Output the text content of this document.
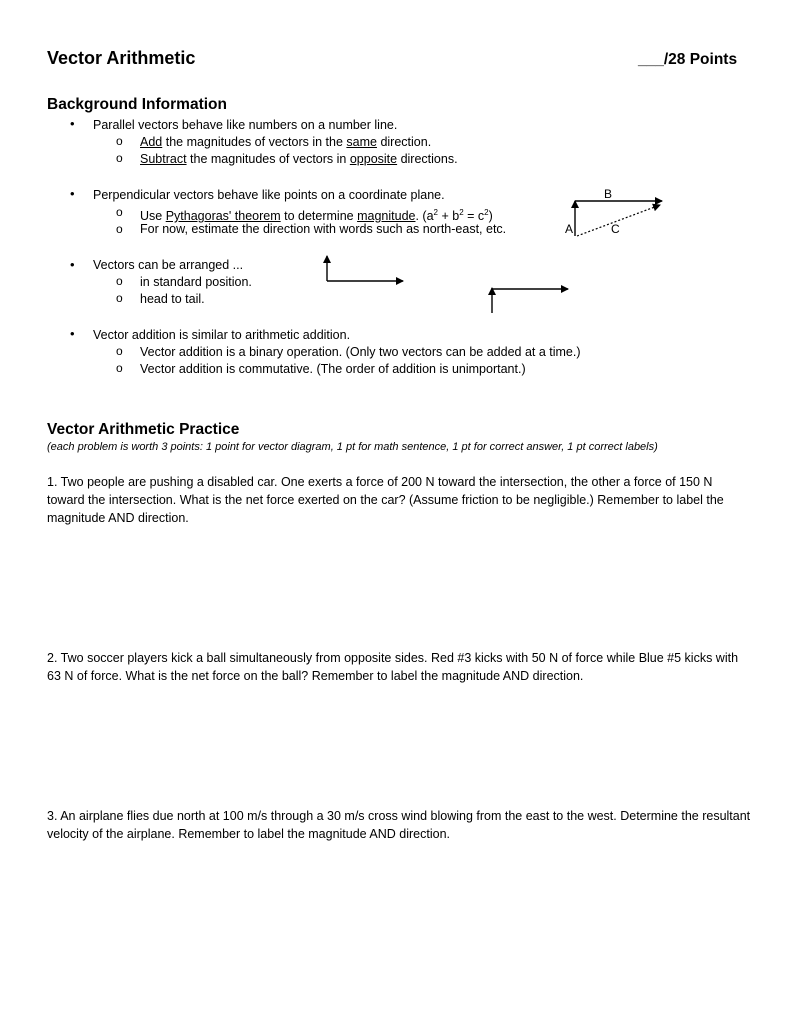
Vector Arithmetic	___/28 Points
Background Information
• Parallel vectors behave like numbers on a number line.
o Add the magnitudes of vectors in the same direction.
o Subtract the magnitudes of vectors in opposite directions.
• Perpendicular vectors behave like points on a coordinate plane.
o Use Pythagoras' theorem to determine magnitude. $(a^2 + b^2 = c^2)$
o For now, estimate the direction with words such as north-east, etc.
B
A	C
• Vectors can be arranged ...
o in standard position.
o head to tail.
• Vector addition is similar to arithmetic addition.
o Vector addition is a binary operation. (Only two vectors can be added at a time.)
o Vector addition is commutative. (The order of addition is unimportant.)
Vector Arithmetic Practice
(each problem is worth 3 points: 1 point for vector diagram, 1 pt for math sentence, 1 pt for correct answer, 1 pt correct labels)
1. Two people are pushing a disabled car. One exerts a force of 200 N toward the intersection, the other a force of 150 N toward the intersection. What is the net force exerted on the car? (Assume friction to be negligible.) Remember to label the magnitude AND direction.
2. Two soccer players kick a ball simultaneously from opposite sides. Red #3 kicks with 50 N of force while Blue #5 kicks with 63 N of force. What is the net force on the ball? Remember to label the magnitude AND direction.
3. An airplane flies due north at 100 m/s through a 30 m/s cross wind blowing from the east to the west. Determine the resultant velocity of the airplane. Remember to label the magnitude AND direction.
